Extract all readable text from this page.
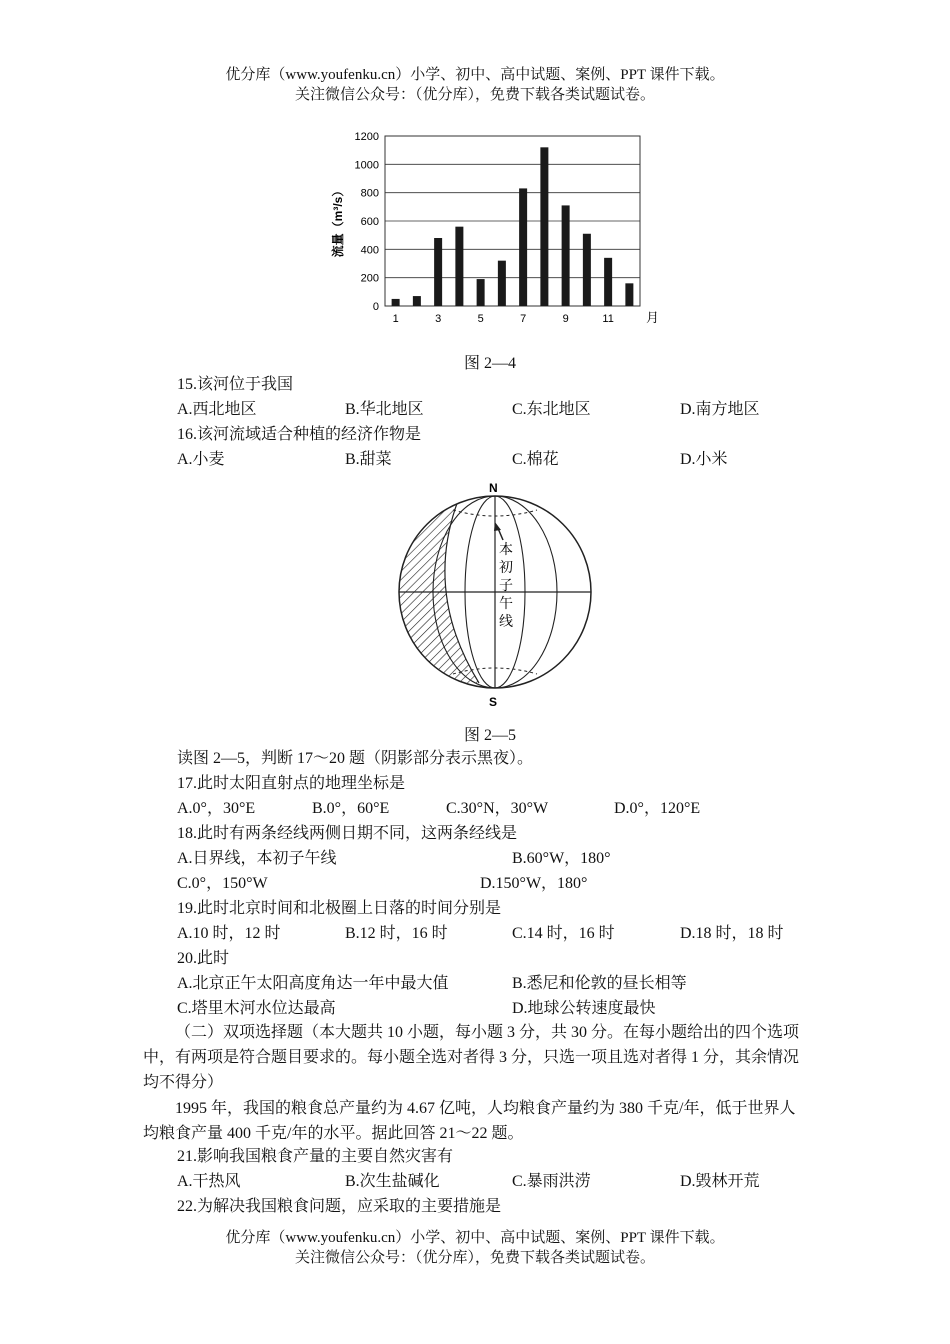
优分库（www.youfenku.cn）小学、初中、高中试题、案例、PPT 课件下载。
关注微信公众号：（优分库），免费下载各类试题试卷。
0
200
400
600
800
1000
1200
1	3	5	7	9	11 月
流量（m³/s）
图 2—4
15.该河位于我国
A.西北地区	B.华北地区	C.东北地区	D.南方地区
16.该河流域适合种植的经济作物是
A.小麦	B.甜菜	C.棉花	D.小米
N
S
本
初
子
午
线
图 2—5
读图 2—5，判断 17～20 题（阴影部分表示黑夜）。
17.此时太阳直射点的地理坐标是
A.0°，30°E	B.0°，60°E	C.30°N，30°W	D.0°，120°E
18.此时有两条经线两侧日期不同，这两条经线是
A.日界线，本初子午线	B.60°W，180°
C.0°，150°W	D.150°W，180°
19.此时北京时间和北极圈上日落的时间分别是
A.10 时，12 时	B.12 时，16 时	C.14 时，16 时	D.18 时，18 时
20.此时
A.北京正午太阳高度角达一年中最大值	B.悉尼和伦敦的昼长相等
C.塔里木河水位达最高	D.地球公转速度最快
（二）双项选择题（本大题共 10 小题，每小题 3 分，共 30 分。在每小题给出的四个选项中，有两项是符合题目要求的。每小题全选对者得 3 分，只选一项且选对者得 1 分，其余情况均不得分）
1995 年，我国的粮食总产量约为 4.67 亿吨，人均粮食产量约为 380 千克/年，低于世界人均粮食产量 400 千克/年的水平。据此回答 21～22 题。
21.影响我国粮食产量的主要自然灾害有
A.干热风	B.次生盐碱化	C.暴雨洪涝	D.毁林开荒
22.为解决我国粮食问题，应采取的主要措施是
优分库（www.youfenku.cn）小学、初中、高中试题、案例、PPT 课件下载。
关注微信公众号：（优分库），免费下载各类试题试卷。
